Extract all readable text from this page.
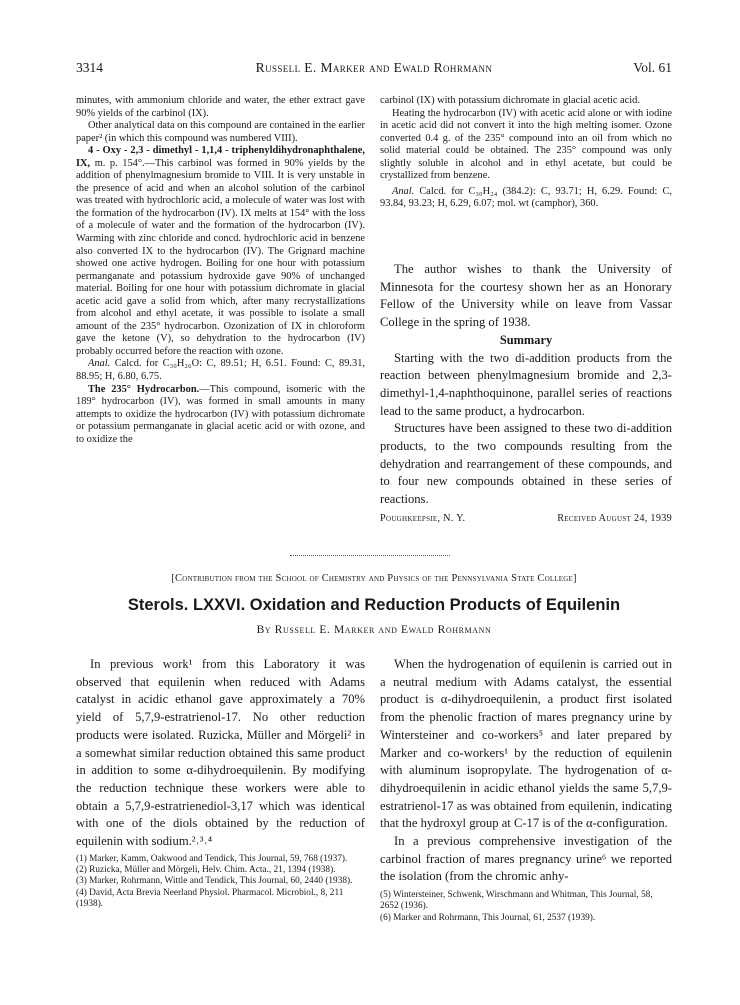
3314	Russell E. Marker and Ewald Rohrmann	Vol. 61

minutes, with ammonium chloride and water, the ether extract gave 90% yields of the carbinol (IX).

Other analytical data on this compound are contained in the earlier paper² (in which this compound was numbered VIII).

4 - Oxy - 2,3 - dimethyl - 1,1,4 - triphenyldihydronaphthalene, IX, m. p. 154°.—This carbinol was formed in 90% yields by the addition of phenylmagnesium bromide to VIII. It is very unstable in the presence of acid and when an alcohol solution of the carbinol was treated with hydrochloric acid, a molecule of water was lost with the formation of the hydrocarbon (IV). IX melts at 154° with the loss of a molecule of water and the formation of the hydrocarbon (IV). Warming with zinc chloride and concd. hydrochloric acid in benzene also converted IX to the hydrocarbon (IV). The Grignard machine showed one active hydrogen. Boiling for one hour with potassium permanganate and potassium hydroxide gave 90% of unchanged material. Boiling for one hour with potassium dichromate in glacial acetic acid gave a solid from which, after many recrystallizations from alcohol and ethyl acetate, it was possible to isolate a small amount of the 235° hydrocarbon. Ozonization of IX in chloroform gave the ketone (V), so dehydration to the hydrocarbon (IV) probably occurred before the reaction with ozone.

Anal. Calcd. for C₃₀H₂₆O: C, 89.51; H, 6.51. Found: C, 89.31, 88.95; H, 6.80, 6.75.

The 235° Hydrocarbon.—This compound, isomeric with the 189° hydrocarbon (IV), was formed in small amounts in many attempts to oxidize the hydrocarbon (IV) with potassium dichromate or potassium permanganate in glacial acetic acid or with ozone, and to oxidize the

carbinol (IX) with potassium dichromate in glacial acetic acid.

Heating the hydrocarbon (IV) with acetic acid alone or with iodine in acetic acid did not convert it into the high melting isomer. Ozone converted 0.4 g. of the 235° compound into an oil from which no solid material could be obtained. The 235° compound was only slightly soluble in alcohol and in ethyl acetate, but could be crystallized from benzene.

Anal. Calcd. for C₃₀H₂₄ (384.2): C, 93.71; H, 6.29. Found: C, 93.84, 93.23; H, 6.29, 6.07; mol. wt (camphor), 360.

The author wishes to thank the University of Minnesota for the courtesy shown her as an Honorary Fellow of the University while on leave from Vassar College in the spring of 1938.

Summary

Starting with the two di-addition products from the reaction between phenylmagnesium bromide and 2,3-dimethyl-1,4-naphthoquinone, parallel series of reactions lead to the same product, a hydrocarbon.

Structures have been assigned to these two di-addition products, to the two compounds resulting from the dehydration and rearrangement of these compounds, and to four new compounds obtained in these series of reactions.

Poughkeepsie, N. Y.	Received August 24, 1939
[Contribution from the School of Chemistry and Physics of the Pennsylvania State College]
Sterols. LXXVI. Oxidation and Reduction Products of Equilenin
By Russell E. Marker and Ewald Rohrmann

In previous work¹ from this Laboratory it was observed that equilenin when reduced with Adams catalyst in acidic ethanol gave approximately a 70% yield of 5,7,9-estratrienol-17. No other reduction products were isolated. Ruzicka, Müller and Mörgeli² in a somewhat similar reduction obtained this same product in addition to some α-dihydroequilenin. By modifying the reduction technique these workers were able to obtain a 5,7,9-estratrienediol-3,17 which was identical with one of the diols obtained by the reduction of equilenin with sodium.²˒³˒⁴

(1) Marker, Kamm, Oakwood and Tendick, This Journal, 59, 768 (1937).

(2) Ruzicka, Müller and Mörgeli, Helv. Chim. Acta., 21, 1394 (1938).

(3) Marker, Rohrmann, Wittle and Tendick, This Journal, 60, 2440 (1938).

(4) David, Acta Brevia Neerland Physiol. Pharmacol. Microbiol., 8, 211 (1938).

When the hydrogenation of equilenin is carried out in a neutral medium with Adams catalyst, the essential product is α-dihydroequilenin, a product first isolated from the phenolic fraction of mares pregnancy urine by Wintersteiner and co-workers⁵ and later prepared by Marker and co-workers¹ by the reduction of equilenin with aluminum isopropylate. The hydrogenation of α-dihydroequilenin in acidic ethanol yields the same 5,7,9-estratrienol-17 as was obtained from equilenin, indicating that the hydroxyl group at C-17 is of the α-configuration.

In a previous comprehensive investigation of the carbinol fraction of mares pregnancy urine⁶ we reported the isolation (from the chromic anhy-

(5) Wintersteiner, Schwenk, Wirschmann and Whitman, This Journal, 58, 2652 (1936).

(6) Marker and Rohrmann, This Journal, 61, 2537 (1939).
